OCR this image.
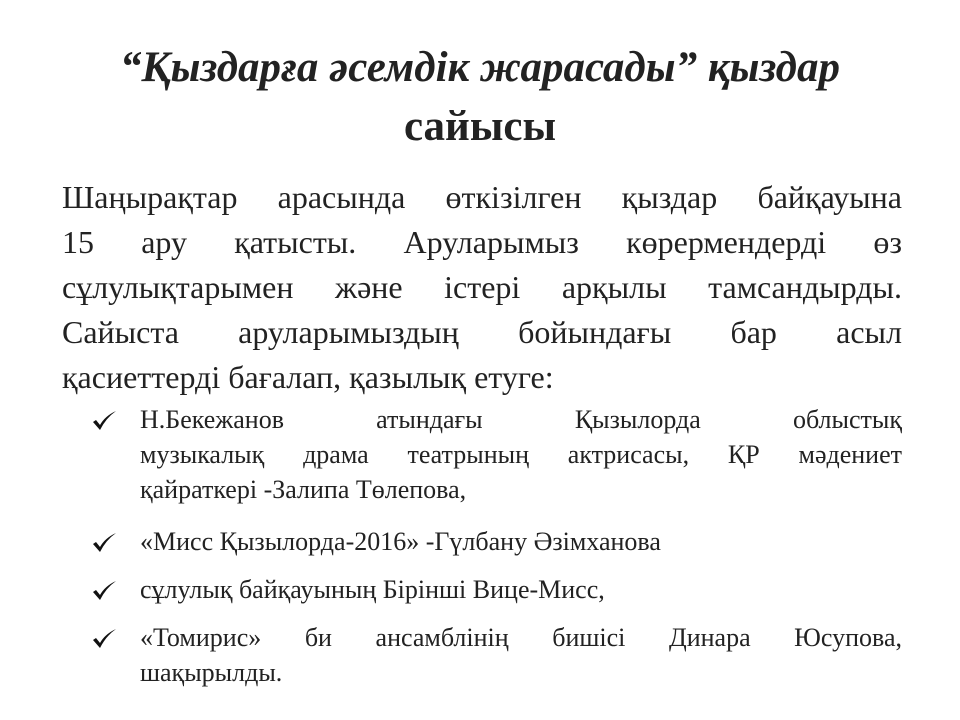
“Қыздарға әсемдік жарасады” қыздар
сайысы

Шаңырақтар арасында өткізілген қыздар байқауына
15 ару қатысты. Аруларымыз көрермендерді өз
сұлулықтарымен және істері арқылы тамсандырды.
Сайыста аруларымыздың бойындағы бар асыл
қасиеттерді бағалап, қазылық етуге:

Н.Бекежанов атындағы Қызылорда облыстық
музыкалық драма театрының актрисасы, ҚР мәдениет
қайраткері -Залипа Төлепова,

«Мисс Қызылорда-2016» -Гүлбану Әзімханова

сұлулық байқауының Бірінші Вице-Мисс,

«Томирис» би ансамблінің бишісі Динара Юсупова,
шақырылды.
